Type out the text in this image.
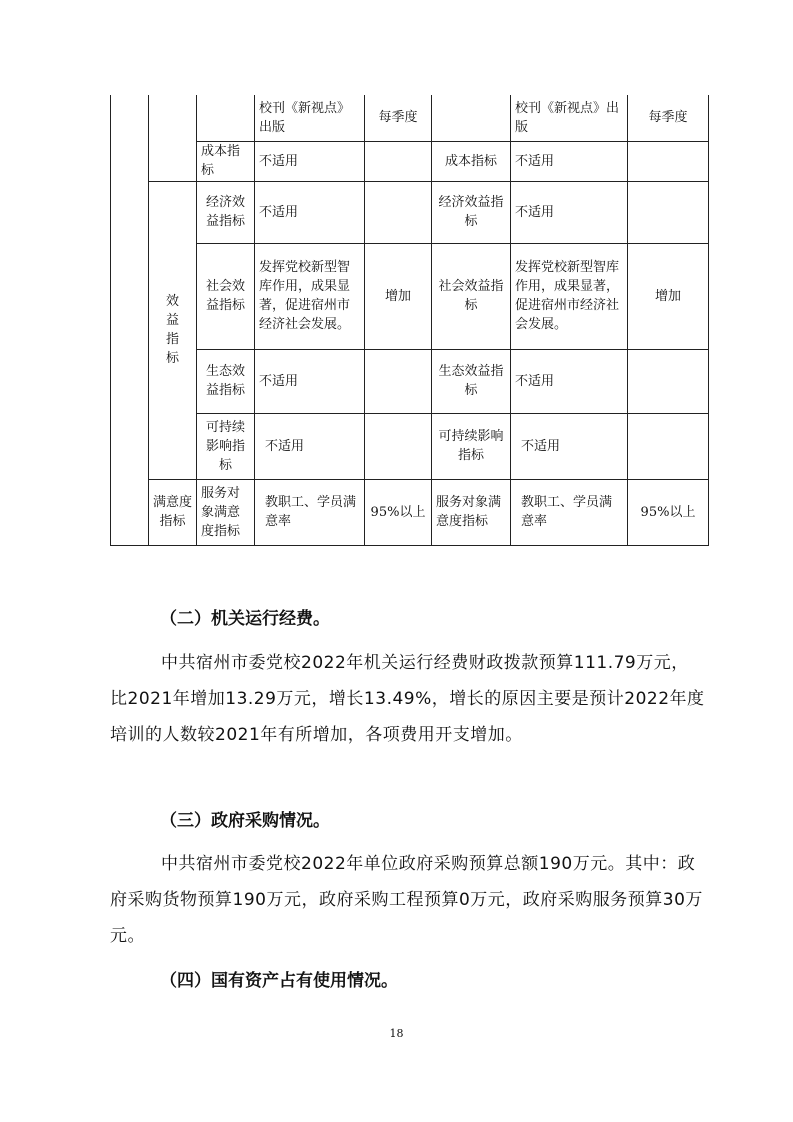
			校刊《新视点》出版	每季度		校刊《新视点》出版	每季度
		成本指标	不适用		成本指标	不适用	
	效益指标	经济效益指标	不适用		经济效益指标	不适用	
		社会效益指标	发挥党校新型智库作用，成果显著，促进宿州市经济社会发展。	增加	社会效益指标	发挥党校新型智库作用，成果显著，促进宿州市经济社会发展。	增加
		生态效益指标	不适用		生态效益指标	不适用	
		可持续影响指标	不适用		可持续影响指标	不适用	
	满意度指标	服务对象满意度指标	教职工、学员满意率	95%以上	服务对象满意度指标	教职工、学员满意率	95%以上
（二）机关运行经费。

中共宿州市委党校2022年机关运行经费财政拨款预算111.79万元，比2021年增加13.29万元，增长13.49%，增长的原因主要是预计2022年度培训的人数较2021年有所增加，各项费用开支增加。

（三）政府采购情况。

中共宿州市委党校2022年单位政府采购预算总额190万元。其中：政府采购货物预算190万元，政府采购工程预算0万元，政府采购服务预算30万元。

（四）国有资产占有使用情况。
18
